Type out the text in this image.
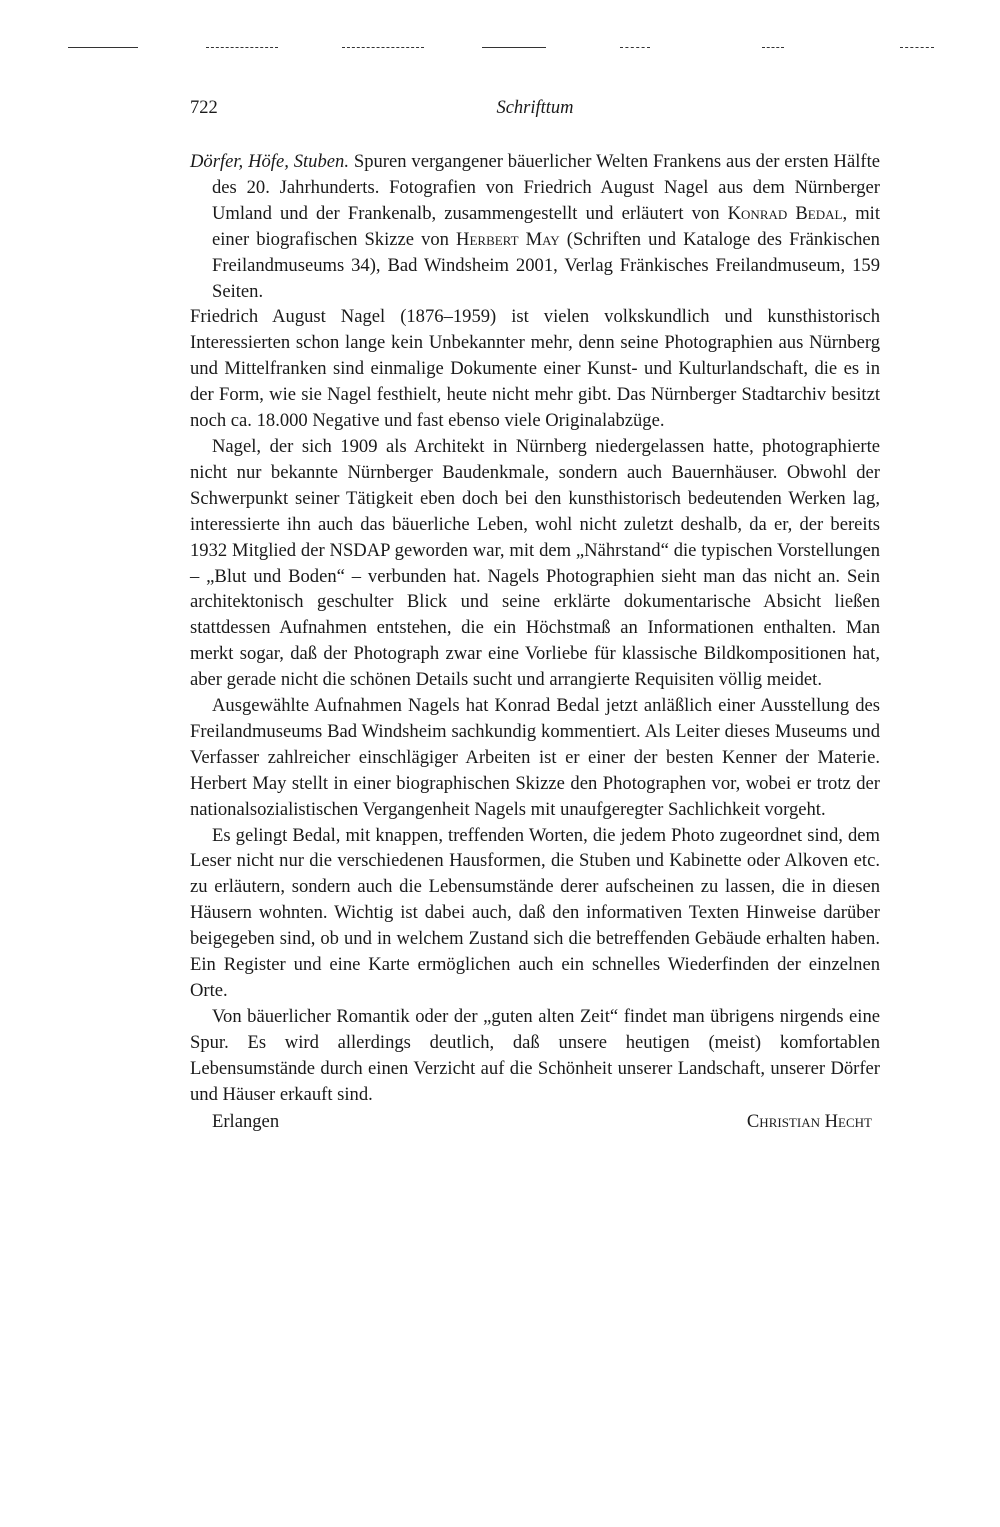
722	Schrifttum

Dörfer, Höfe, Stuben. Spuren vergangener bäuerlicher Welten Frankens aus der ersten Hälfte des 20. Jahrhunderts. Fotografien von Friedrich August Nagel aus dem Nürnberger Umland und der Frankenalb, zusammengestellt und erläutert von Konrad Bedal, mit einer biografischen Skizze von Herbert May (Schriften und Kataloge des Fränkischen Freilandmuseums 34), Bad Windsheim 2001, Verlag Fränkisches Freilandmuseum, 159 Seiten.

Friedrich August Nagel (1876–1959) ist vielen volkskundlich und kunsthistorisch Interessierten schon lange kein Unbekannter mehr, denn seine Photographien aus Nürnberg und Mittelfranken sind einmalige Dokumente einer Kunst- und Kulturlandschaft, die es in der Form, wie sie Nagel festhielt, heute nicht mehr gibt. Das Nürnberger Stadtarchiv besitzt noch ca. 18.000 Negative und fast ebenso viele Originalabzüge.

Nagel, der sich 1909 als Architekt in Nürnberg niedergelassen hatte, photographierte nicht nur bekannte Nürnberger Baudenkmale, sondern auch Bauernhäuser. Obwohl der Schwerpunkt seiner Tätigkeit eben doch bei den kunsthistorisch bedeutenden Werken lag, interessierte ihn auch das bäuerliche Leben, wohl nicht zuletzt deshalb, da er, der bereits 1932 Mitglied der NSDAP geworden war, mit dem „Nährstand“ die typischen Vorstellungen – „Blut und Boden“ – verbunden hat. Nagels Photographien sieht man das nicht an. Sein architektonisch geschulter Blick und seine erklärte dokumentarische Absicht ließen stattdessen Aufnahmen entstehen, die ein Höchstmaß an Informationen enthalten. Man merkt sogar, daß der Photograph zwar eine Vorliebe für klassische Bildkompositionen hat, aber gerade nicht die schönen Details sucht und arrangierte Requisiten völlig meidet.

Ausgewählte Aufnahmen Nagels hat Konrad Bedal jetzt anläßlich einer Ausstellung des Freilandmuseums Bad Windsheim sachkundig kommentiert. Als Leiter dieses Museums und Verfasser zahlreicher einschlägiger Arbeiten ist er einer der besten Kenner der Materie. Herbert May stellt in einer biographischen Skizze den Photographen vor, wobei er trotz der nationalsozialistischen Vergangenheit Nagels mit unaufgeregter Sachlichkeit vorgeht.

Es gelingt Bedal, mit knappen, treffenden Worten, die jedem Photo zugeordnet sind, dem Leser nicht nur die verschiedenen Hausformen, die Stuben und Kabinette oder Alkoven etc. zu erläutern, sondern auch die Lebensumstände derer aufscheinen zu lassen, die in diesen Häusern wohnten. Wichtig ist dabei auch, daß den informativen Texten Hinweise darüber beigegeben sind, ob und in welchem Zustand sich die betreffenden Gebäude erhalten haben. Ein Register und eine Karte ermöglichen auch ein schnelles Wiederfinden der einzelnen Orte.

Von bäuerlicher Romantik oder der „guten alten Zeit“ findet man übrigens nirgends eine Spur. Es wird allerdings deutlich, daß unsere heutigen (meist) komfortablen Lebensumstände durch einen Verzicht auf die Schönheit unserer Landschaft, unserer Dörfer und Häuser erkauft sind.

Erlangen	Christian Hecht
